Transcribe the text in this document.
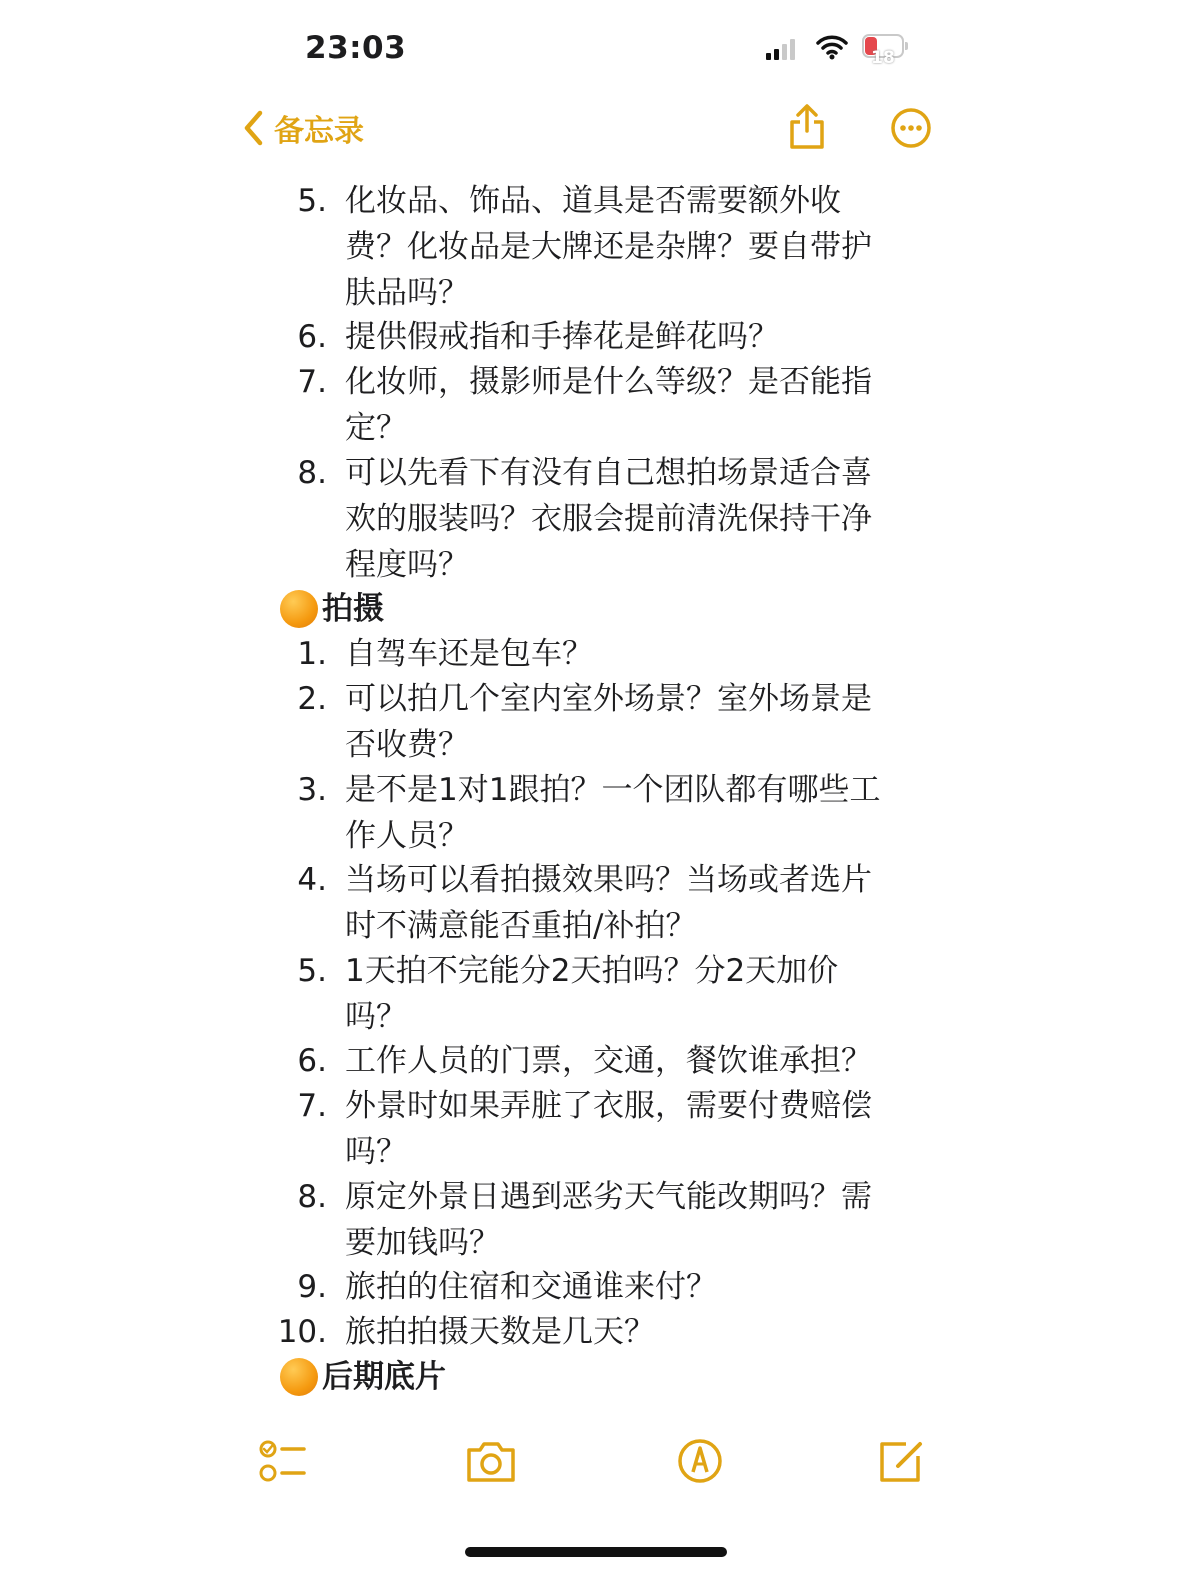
23:03	18
备忘录
5. 化妆品、饰品、道具是否需要额外收
费？化妆品是大牌还是杂牌？要自带护
肤品吗？
6. 提供假戒指和手捧花是鲜花吗？
7. 化妆师，摄影师是什么等级？是否能指
定？
8. 可以先看下有没有自己想拍场景适合喜
欢的服装吗？衣服会提前清洗保持干净
程度吗？
拍摄
1. 自驾车还是包车？
2. 可以拍几个室内室外场景？室外场景是
否收费？
3. 是不是1对1跟拍？一个团队都有哪些工
作人员？
4. 当场可以看拍摄效果吗？当场或者选片
时不满意能否重拍/补拍？
5. 1天拍不完能分2天拍吗？分2天加价
吗？
6. 工作人员的门票，交通，餐饮谁承担？
7. 外景时如果弄脏了衣服，需要付费赔偿
吗？
8. 原定外景日遇到恶劣天气能改期吗？需
要加钱吗？
9. 旅拍的住宿和交通谁来付？
10. 旅拍拍摄天数是几天？
后期底片
